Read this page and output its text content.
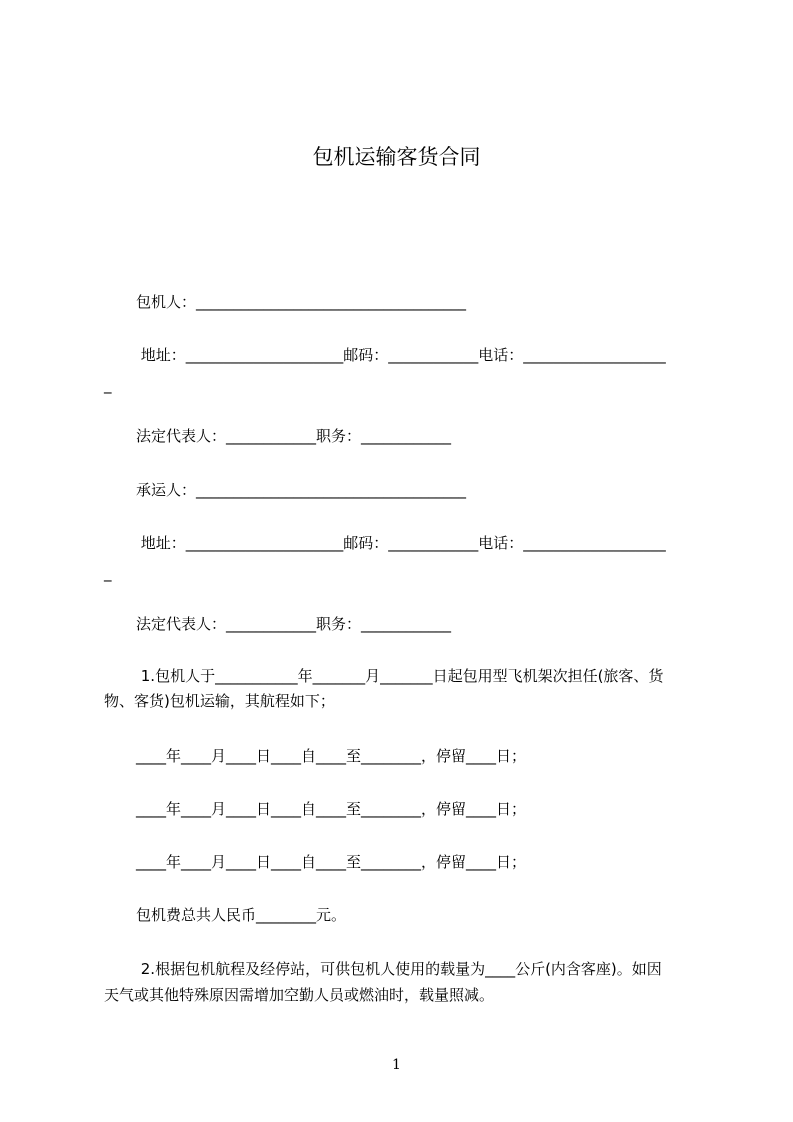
包机运输客货合同
包机人：____________________________________
地址：_____________________邮码：____________电话：___________________
_
法定代表人：____________职务：____________
承运人：____________________________________
地址：_____________________邮码：____________电话：___________________
_
法定代表人：____________职务：____________
1.包机人于___________年_______月_______日起包用型飞机架次担任(旅客、货
物、客货)包机运输，其航程如下；
____年____月____日____自____至________，停留____日；
____年____月____日____自____至________，停留____日；
____年____月____日____自____至________，停留____日；
包机费总共人民币________元。
2.根据包机航程及经停站，可供包机人使用的载量为____公斤(内含客座)。如因
天气或其他特殊原因需增加空勤人员或燃油时，载量照减。
1
